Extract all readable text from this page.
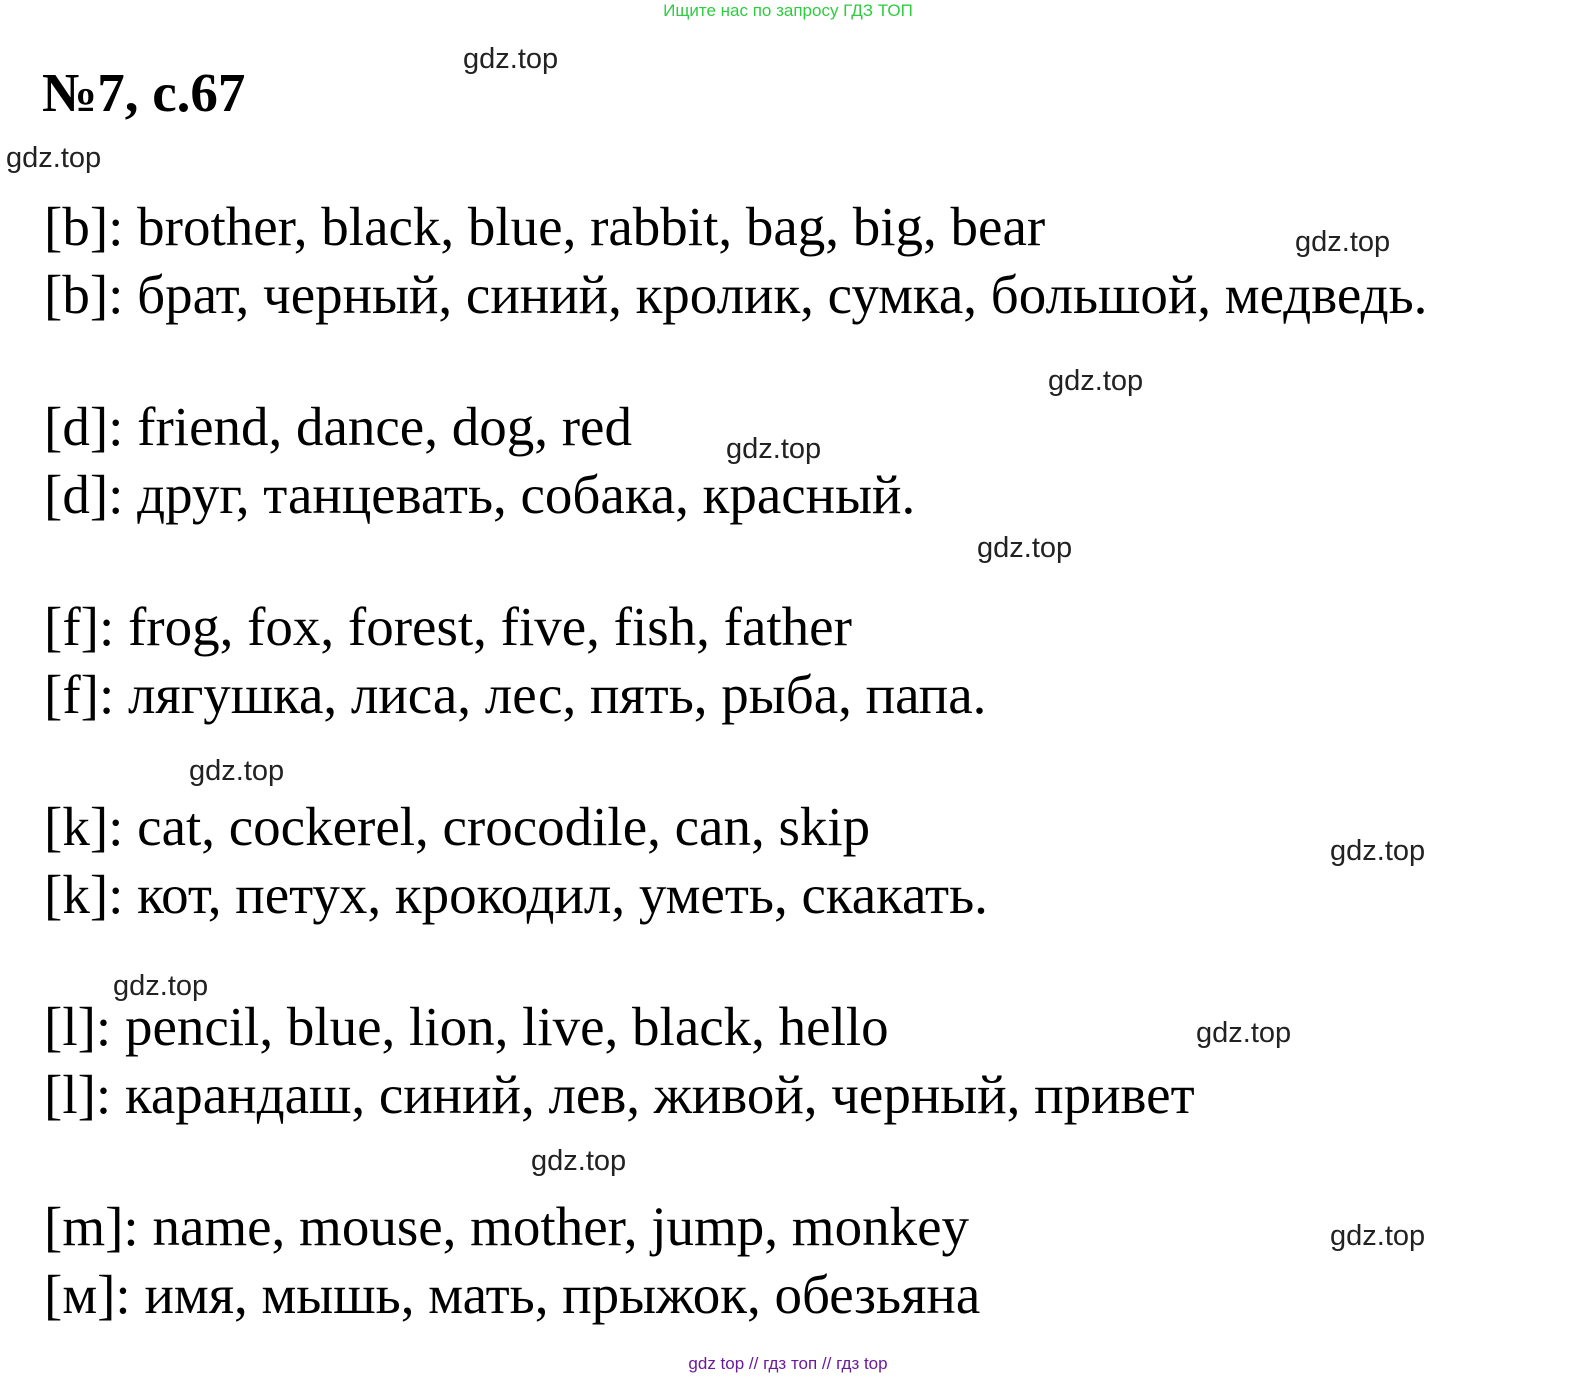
Ищите нас по запросу ГДЗ ТОП
№7, с.67
[b]: brother, black, blue, rabbit, bag, big, bear
[b]: брат, черный, синий, кролик, сумка, большой, медведь.
[d]: friend, dance, dog, red
[d]: друг, танцевать, собака, красный.
[f]: frog, fox, forest, five, fish, father
[f]: лягушка, лиса, лес, пять, рыба, папа.
[k]: cat, cockerel, crocodile, can, skip
[k]: кот, петух, крокодил, уметь, скакать.
[l]: pencil, blue, lion, live, black, hello
[l]: карандаш, синий, лев, живой, черный, привет
[m]: name, mouse, mother, jump, monkey
[м]: имя, мышь, мать, прыжок, обезьяна
gdz.top
gdz.top
gdz.top
gdz.top
gdz.top
gdz.top
gdz.top
gdz.top
gdz.top
gdz.top
gdz.top
gdz.top
gdz top // гдз топ // гдз top
